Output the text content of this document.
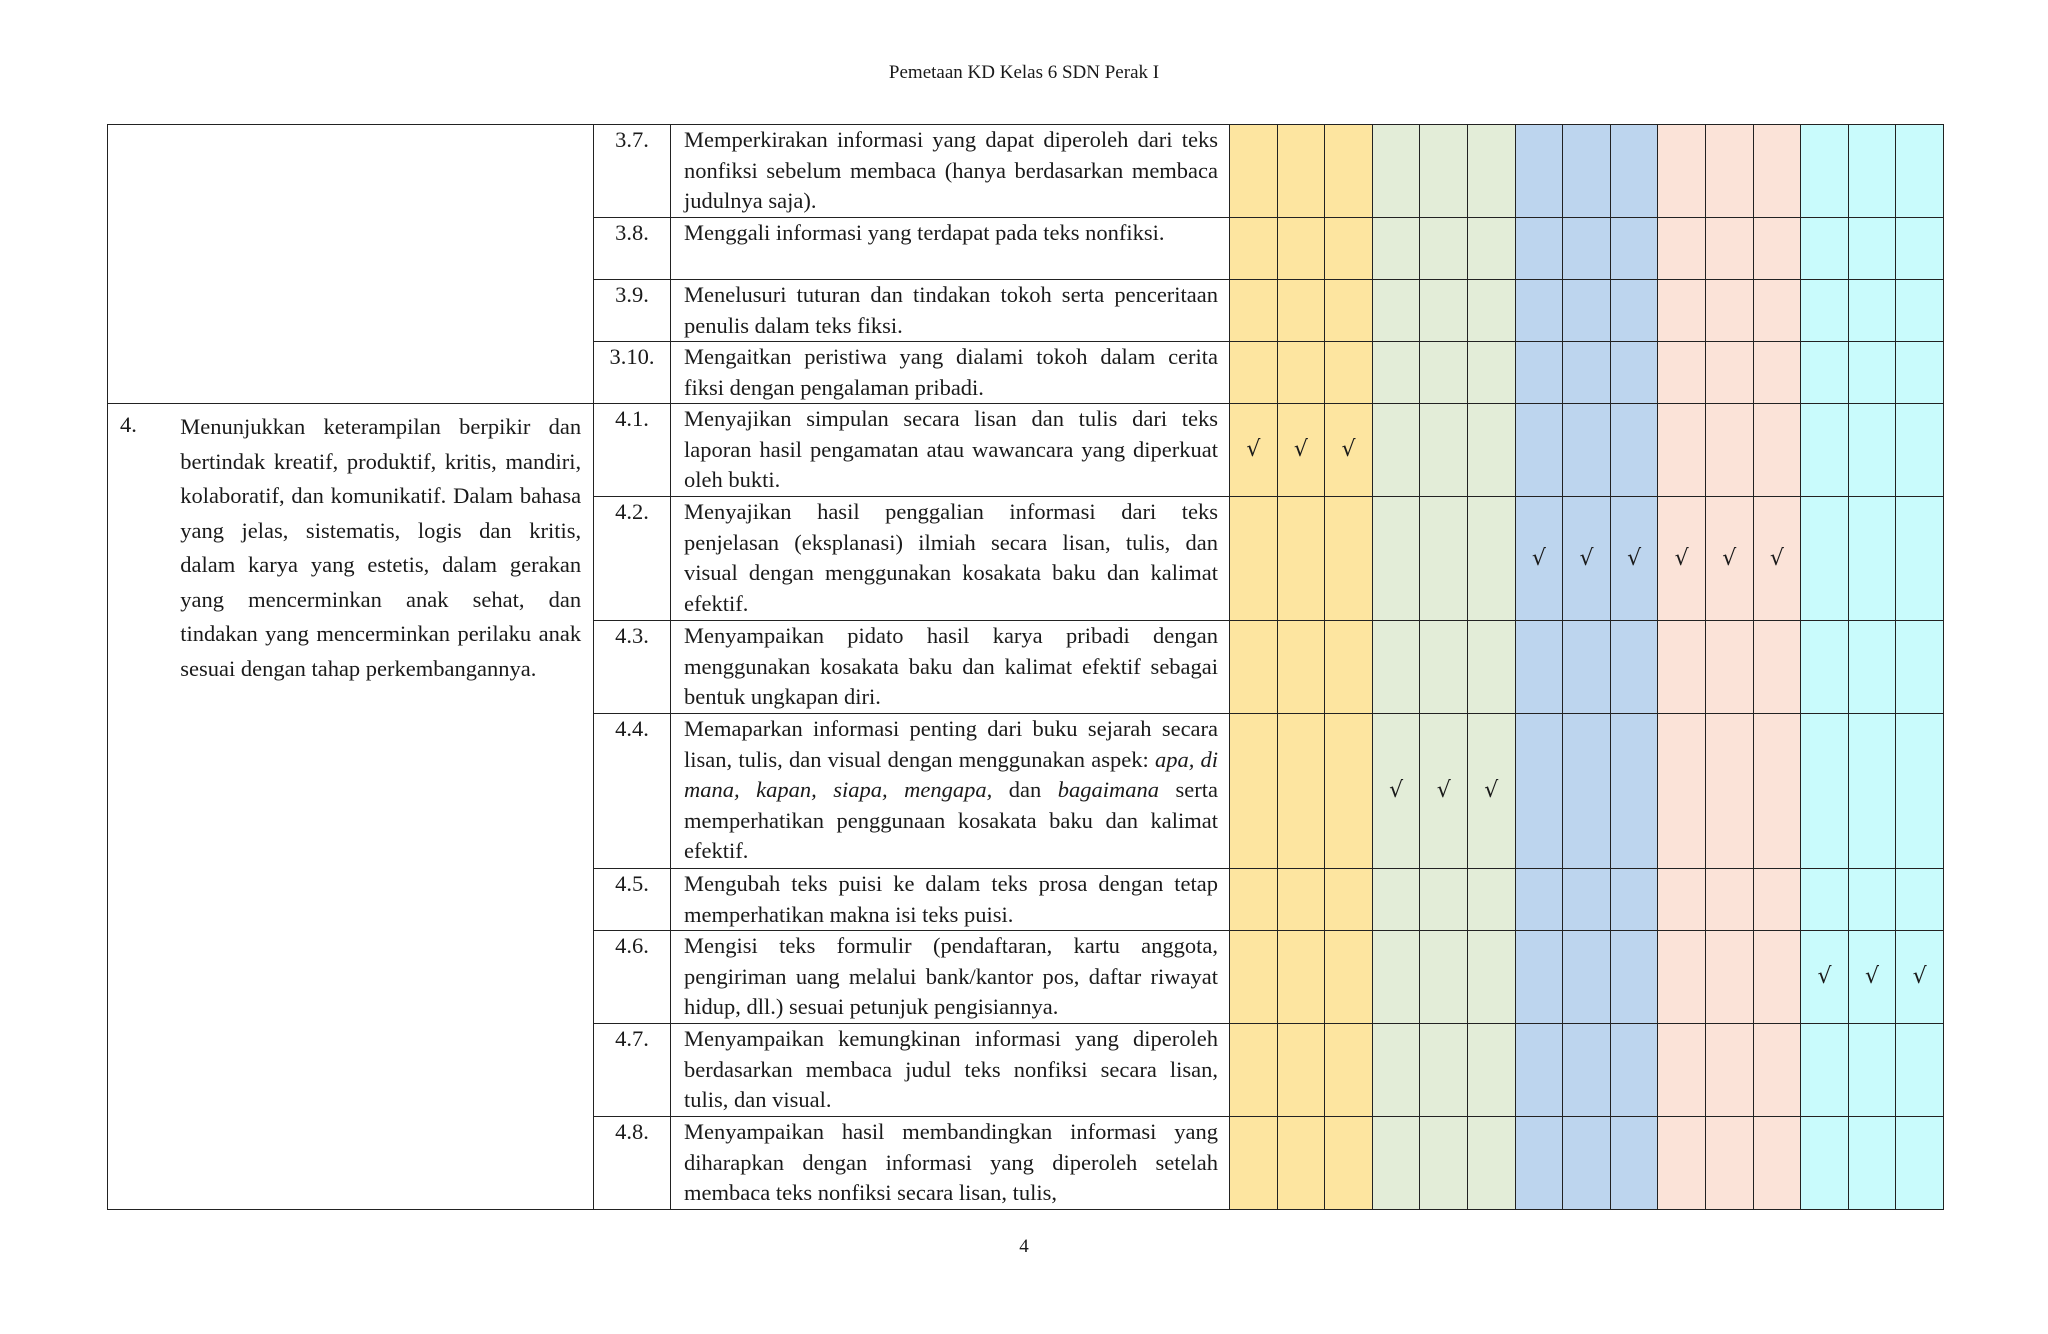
Pemetaan KD Kelas 6 SDN Perak I
		3.7.	Memperkirakan informasi yang dapat diperoleh dari teks nonfiksi sebelum membaca (hanya berdasarkan membaca judulnya saja).															
		3.8.	Menggali informasi yang terdapat pada teks nonfiksi.															
		3.9.	Menelusuri tuturan dan tindakan tokoh serta penceritaan penulis dalam teks fiksi.															
		3.10.	Mengaitkan peristiwa yang dialami tokoh dalam cerita fiksi dengan pengalaman pribadi.															
4.	Menunjukkan keterampilan berpikir dan bertindak kreatif, produktif, kritis, mandiri, kolaboratif, dan komunikatif. Dalam bahasa yang jelas, sistematis, logis dan kritis, dalam karya yang estetis, dalam gerakan yang mencerminkan anak sehat, dan tindakan yang mencerminkan perilaku anak sesuai dengan tahap perkembangannya.	4.1.	Menyajikan simpulan secara lisan dan tulis dari teks laporan hasil pengamatan atau wawancara yang diperkuat oleh bukti.	√	√	√												
		4.2.	Menyajikan hasil penggalian informasi dari teks penjelasan (eksplanasi) ilmiah secara lisan, tulis, dan visual dengan menggunakan kosakata baku dan kalimat efektif.							√	√	√	√	√	√			
		4.3.	Menyampaikan pidato hasil karya pribadi dengan menggunakan kosakata baku dan kalimat efektif sebagai bentuk ungkapan diri.															
		4.4.	Memaparkan informasi penting dari buku sejarah secara lisan, tulis, dan visual dengan menggunakan aspek: apa, di mana, kapan, siapa, mengapa, dan bagaimana serta memperhatikan penggunaan kosakata baku dan kalimat efektif.				√	√	√									
		4.5.	Mengubah teks puisi ke dalam teks prosa dengan tetap memperhatikan makna isi teks puisi.															
		4.6.	Mengisi teks formulir (pendaftaran, kartu anggota, pengiriman uang melalui bank/kantor pos, daftar riwayat hidup, dll.) sesuai petunjuk pengisiannya.													√	√	√
		4.7.	Menyampaikan kemungkinan informasi yang diperoleh berdasarkan membaca judul teks nonfiksi secara lisan, tulis, dan visual.															
		4.8.	Menyampaikan hasil membandingkan informasi yang diharapkan dengan informasi yang diperoleh setelah membaca teks nonfiksi secara lisan, tulis,															
4
